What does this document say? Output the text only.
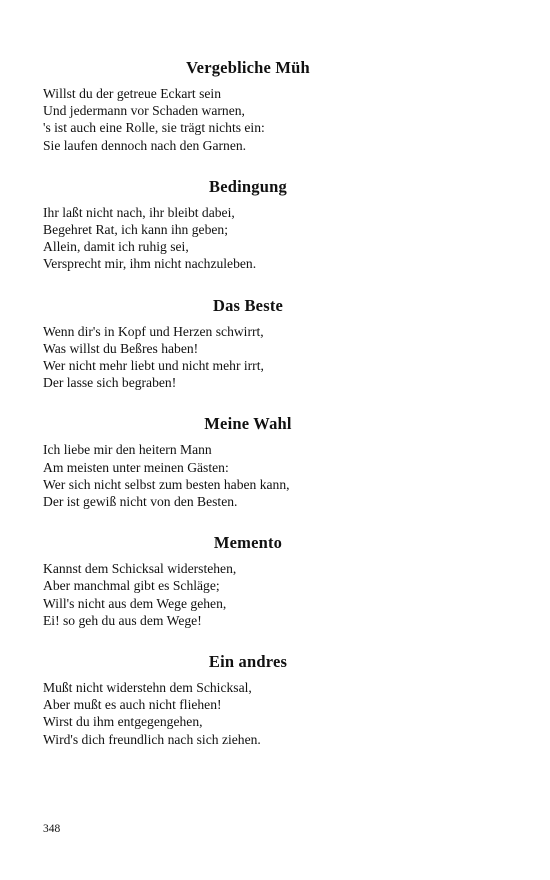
Vergebliche Müh
Willst du der getreue Eckart sein
Und jedermann vor Schaden warnen,
's ist auch eine Rolle, sie trägt nichts ein:
Sie laufen dennoch nach den Garnen.
Bedingung
Ihr laßt nicht nach, ihr bleibt dabei,
Begehret Rat, ich kann ihn geben;
Allein, damit ich ruhig sei,
Versprecht mir, ihm nicht nachzuleben.
Das Beste
Wenn dir's in Kopf und Herzen schwirrt,
Was willst du Beßres haben!
Wer nicht mehr liebt und nicht mehr irrt,
Der lasse sich begraben!
Meine Wahl
Ich liebe mir den heitern Mann
Am meisten unter meinen Gästen:
Wer sich nicht selbst zum besten haben kann,
Der ist gewiß nicht von den Besten.
Memento
Kannst dem Schicksal widerstehen,
Aber manchmal gibt es Schläge;
Will's nicht aus dem Wege gehen,
Ei! so geh du aus dem Wege!
Ein andres
Mußt nicht widerstehn dem Schicksal,
Aber mußt es auch nicht fliehen!
Wirst du ihm entgegengehen,
Wird's dich freundlich nach sich ziehen.
348
